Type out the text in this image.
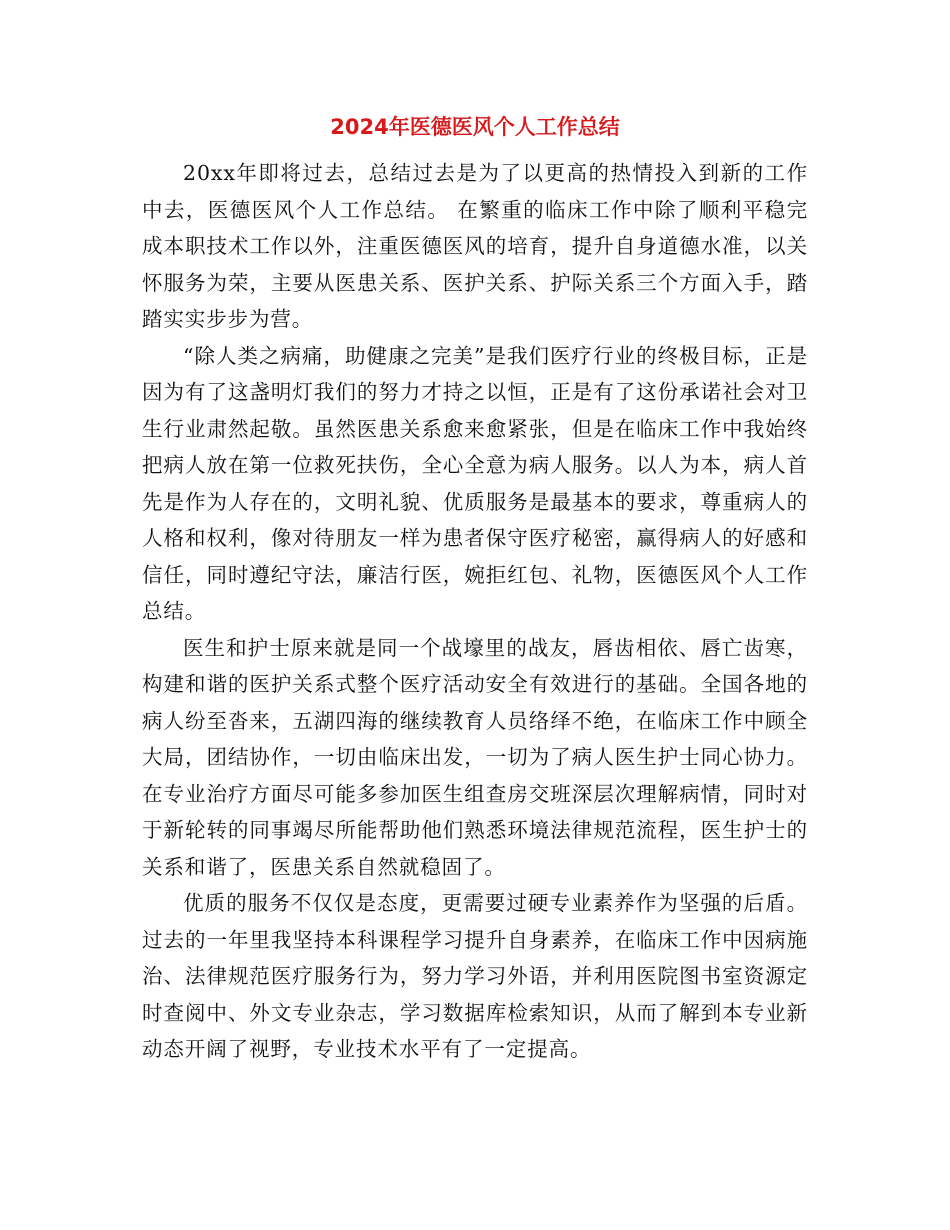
2024年医德医风个人工作总结

20xx年即将过去，总结过去是为了以更高的热情投入到新的工作中去，医德医风个人工作总结。 在繁重的临床工作中除了顺利平稳完成本职技术工作以外，注重医德医风的培育，提升自身道德水准，以关怀服务为荣，主要从医患关系、医护关系、护际关系三个方面入手，踏踏实实步步为营。

“除人类之病痛，助健康之完美”是我们医疗行业的终极目标，正是因为有了这盏明灯我们的努力才持之以恒，正是有了这份承诺社会对卫生行业肃然起敬。虽然医患关系愈来愈紧张，但是在临床工作中我始终把病人放在第一位救死扶伤，全心全意为病人服务。以人为本，病人首先是作为人存在的，文明礼貌、优质服务是最基本的要求，尊重病人的人格和权利，像对待朋友一样为患者保守医疗秘密，赢得病人的好感和信任，同时遵纪守法，廉洁行医，婉拒红包、礼物，医德医风个人工作总结。

医生和护士原来就是同一个战壕里的战友，唇齿相依、唇亡齿寒，构建和谐的医护关系式整个医疗活动安全有效进行的基础。全国各地的病人纷至沓来，五湖四海的继续教育人员络绎不绝，在临床工作中顾全大局，团结协作，一切由临床出发，一切为了病人医生护士同心协力。在专业治疗方面尽可能多参加医生组查房交班深层次理解病情，同时对于新轮转的同事竭尽所能帮助他们熟悉环境法律规范流程，医生护士的关系和谐了，医患关系自然就稳固了。

优质的服务不仅仅是态度，更需要过硬专业素养作为坚强的后盾。过去的一年里我坚持本科课程学习提升自身素养，在临床工作中因病施治、法律规范医疗服务行为，努力学习外语，并利用医院图书室资源定时查阅中、外文专业杂志，学习数据库检索知识，从而了解到本专业新动态开阔了视野，专业技术水平有了一定提高。
